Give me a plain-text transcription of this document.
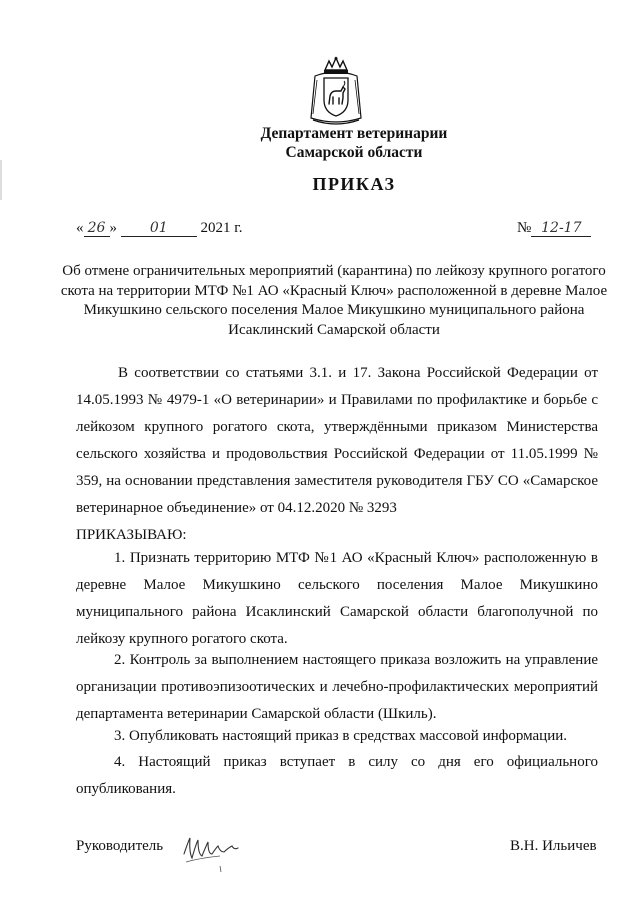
Департамент ветеринарии
Самарской области
ПРИКАЗ
« 26 » 01 2021 г.	№ 12-17
Об отмене ограничительных мероприятий (карантина) по лейкозу крупного рогатого скота на территории МТФ №1 АО «Красный Ключ» расположенной в деревне Малое Микушкино сельского поселения Малое Микушкино муниципального района Исаклинский Самарской области

В соответствии со статьями 3.1. и 17. Закона Российской Федерации от 14.05.1993 № 4979-1 «О ветеринарии» и Правилами по профилактике и борьбе с лейкозом крупного рогатого скота, утверждёнными приказом Министерства сельского хозяйства и продовольствия Российской Федерации от 11.05.1999 № 359, на основании представления заместителя руководителя ГБУ СО «Самарское ветеринарное объединение» от 04.12.2020 № 3293

ПРИКАЗЫВАЮ:

1. Признать территорию МТФ №1 АО «Красный Ключ» расположенную в деревне Малое Микушкино сельского поселения Малое Микушкино муниципального района Исаклинский Самарской области благополучной по лейкозу крупного рогатого скота.
2. Контроль за выполнением настоящего приказа возложить на управление организации противоэпизоотических и лечебно-профилактических мероприятий департамента ветеринарии Самарской области (Шкиль).
3. Опубликовать настоящий приказ в средствах массовой информации.
4. Настоящий приказ вступает в силу со дня его официального опубликования.
Руководитель	В.Н. Ильичев
